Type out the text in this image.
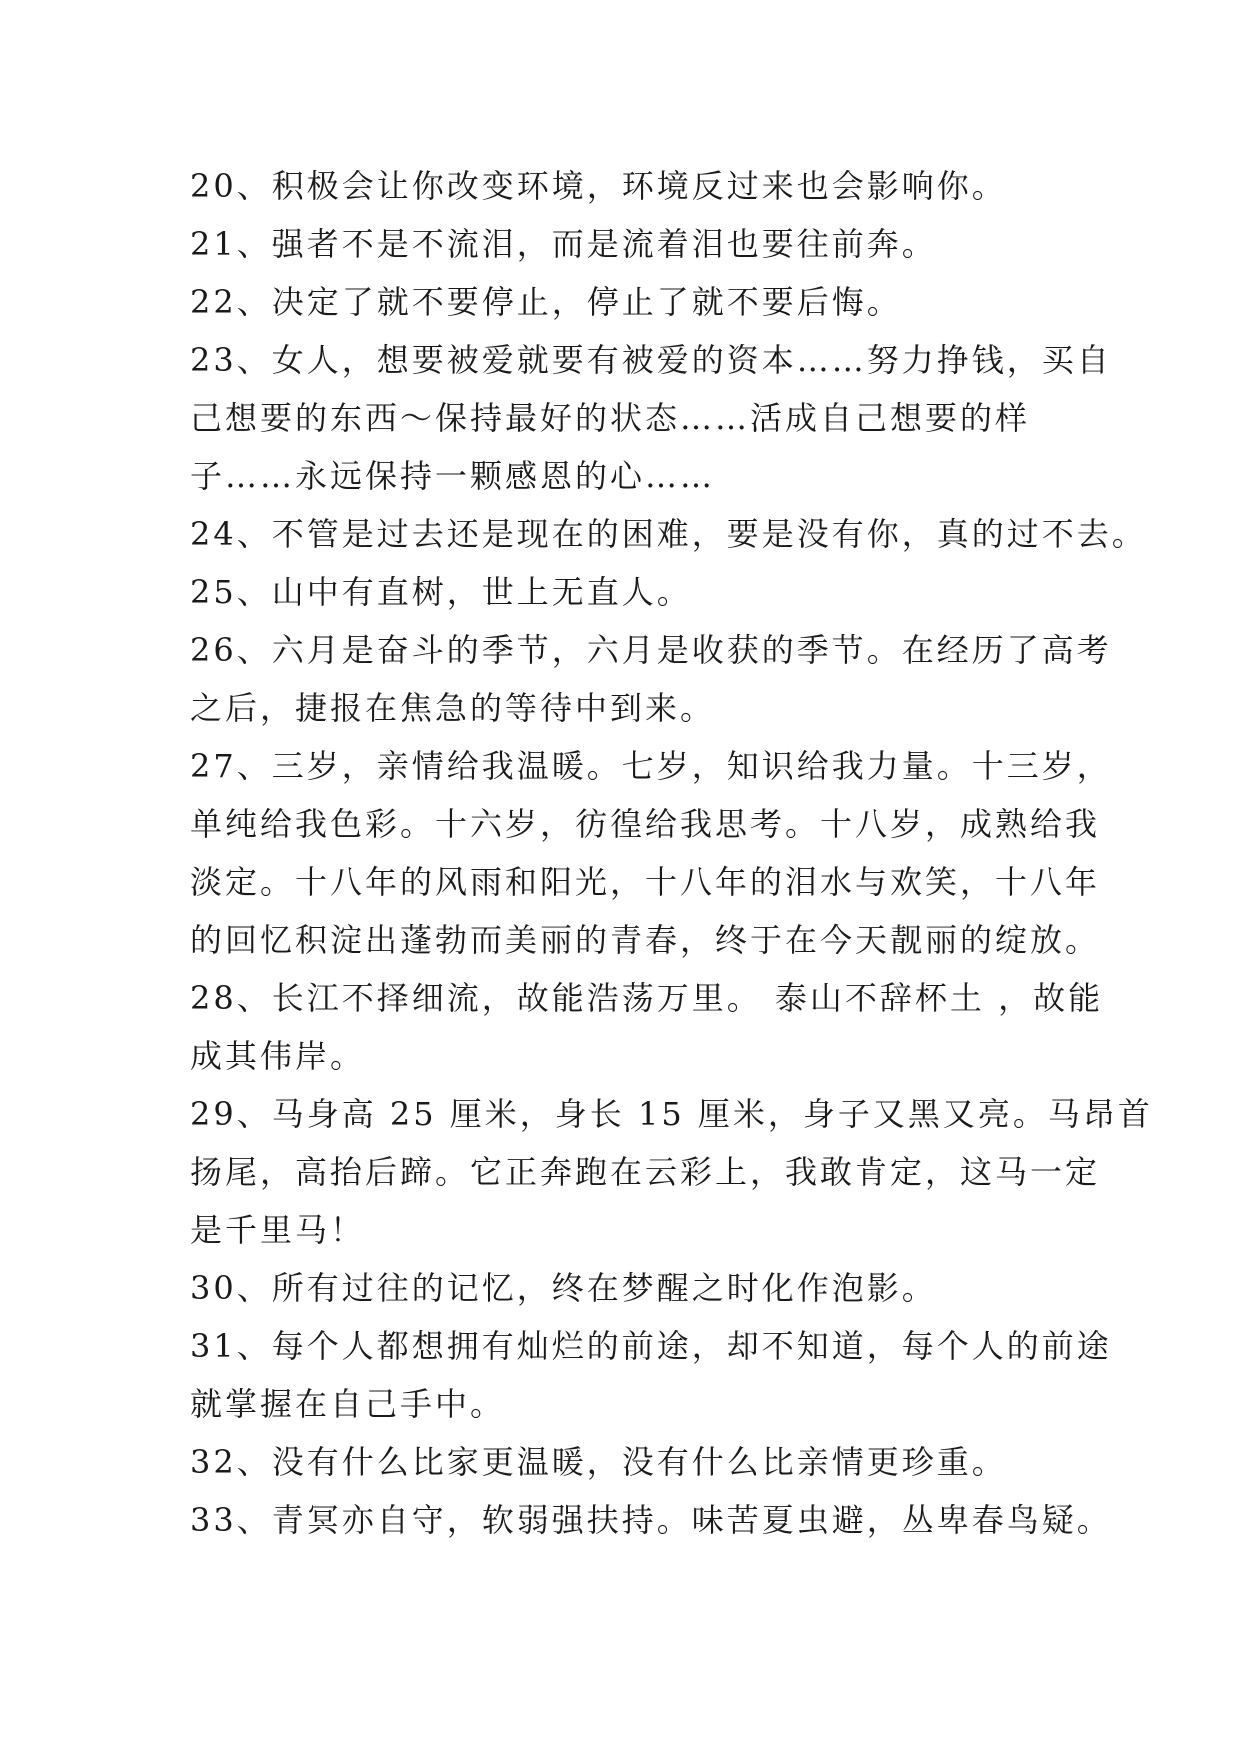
20、积极会让你改变环境，环境反过来也会影响你。
21、强者不是不流泪，而是流着泪也要往前奔。
22、决定了就不要停止，停止了就不要后悔。
23、女人，想要被爱就要有被爱的资本……努力挣钱，买自
己想要的东西～保持最好的状态……活成自己想要的样
子……永远保持一颗感恩的心……
24、不管是过去还是现在的困难，要是没有你，真的过不去。
25、山中有直树，世上无直人。
26、六月是奋斗的季节，六月是收获的季节。在经历了高考
之后，捷报在焦急的等待中到来。
27、三岁，亲情给我温暖。七岁，知识给我力量。十三岁，
单纯给我色彩。十六岁，彷徨给我思考。十八岁，成熟给我
淡定。十八年的风雨和阳光，十八年的泪水与欢笑，十八年
的回忆积淀出蓬勃而美丽的青春，终于在今天靓丽的绽放。
28、长江不择细流，故能浩荡万里。 泰山不辞杯土 ，故能
成其伟岸。
29、马身高 25 厘米，身长 15 厘米，身子又黑又亮。马昂首
扬尾，高抬后蹄。它正奔跑在云彩上，我敢肯定，这马一定
是千里马！
30、所有过往的记忆，终在梦醒之时化作泡影。
31、每个人都想拥有灿烂的前途，却不知道，每个人的前途
就掌握在自己手中。
32、没有什么比家更温暖，没有什么比亲情更珍重。
33、青冥亦自守，软弱强扶持。味苦夏虫避，丛卑春鸟疑。
